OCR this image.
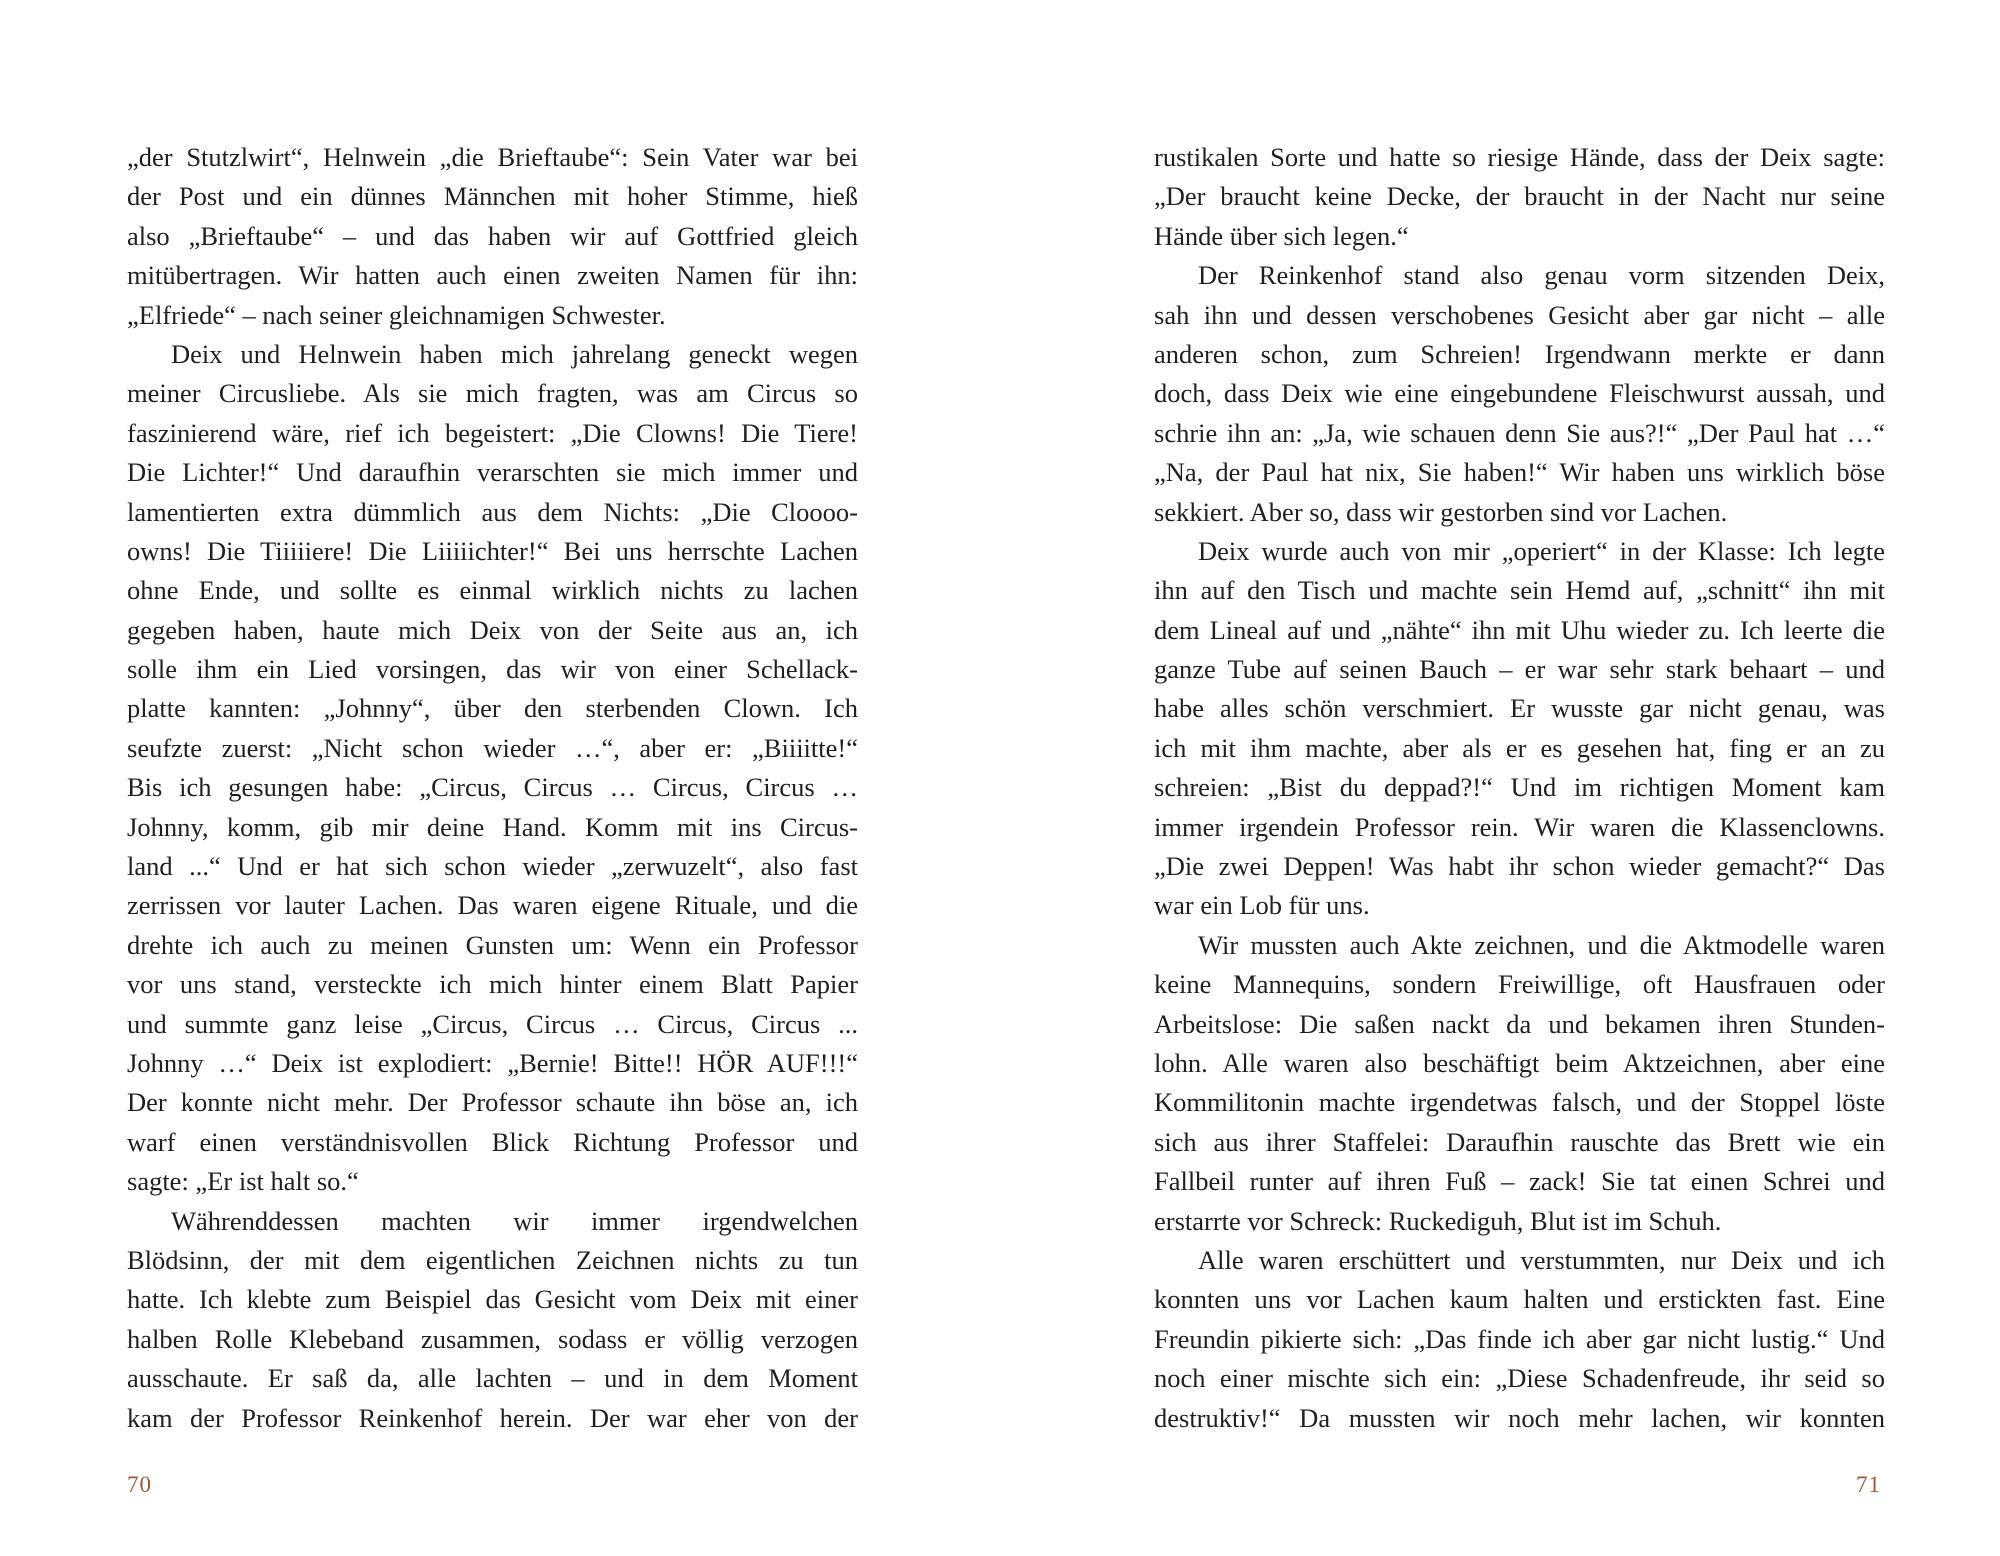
„der Stutzlwirt“, Helnwein „die Brieftaube“: Sein Vater war bei
der Post und ein dünnes Männchen mit hoher Stimme, hieß
also „Brieftaube“ – und das haben wir auf Gottfried gleich
mitübertragen. Wir hatten auch einen zweiten Namen für ihn:
„Elfriede“ – nach seiner gleichnamigen Schwester.
Deix und Helnwein haben mich jahrelang geneckt wegen
meiner Circusliebe. Als sie mich fragten, was am Circus so
faszinierend wäre, rief ich begeistert: „Die Clowns! Die Tiere!
Die Lichter!“ Und daraufhin verarschten sie mich immer und
lamentierten extra dümmlich aus dem Nichts: „Die Cloooo-
owns! Die Tiiiiiere! Die Liiiiichter!“ Bei uns herrschte Lachen
ohne Ende, und sollte es einmal wirklich nichts zu lachen
gegeben haben, haute mich Deix von der Seite aus an, ich
solle ihm ein Lied vorsingen, das wir von einer Schellack-
platte kannten: „Johnny“, über den sterbenden Clown. Ich
seufzte zuerst: „Nicht schon wieder …“, aber er: „Biiiitte!“
Bis ich gesungen habe: „Circus, Circus … Circus, Circus …
Johnny, komm, gib mir deine Hand. Komm mit ins Circus-
land ...“ Und er hat sich schon wieder „zerwuzelt“, also fast
zerrissen vor lauter Lachen. Das waren eigene Rituale, und die
drehte ich auch zu meinen Gunsten um: Wenn ein Professor
vor uns stand, versteckte ich mich hinter einem Blatt Papier
und summte ganz leise „Circus, Circus … Circus, Circus ...
Johnny …“ Deix ist explodiert: „Bernie! Bitte!! HÖR AUF!!!“
Der konnte nicht mehr. Der Professor schaute ihn böse an, ich
warf einen verständnisvollen Blick Richtung Professor und
sagte: „Er ist halt so.“
Währenddessen machten wir immer irgendwelchen
Blödsinn, der mit dem eigentlichen Zeichnen nichts zu tun
hatte. Ich klebte zum Beispiel das Gesicht vom Deix mit einer
halben Rolle Klebeband zusammen, sodass er völlig verzogen
ausschaute. Er saß da, alle lachten – und in dem Moment
kam der Professor Reinkenhof herein. Der war eher von der
70
rustikalen Sorte und hatte so riesige Hände, dass der Deix sagte:
„Der braucht keine Decke, der braucht in der Nacht nur seine
Hände über sich legen.“
Der Reinkenhof stand also genau vorm sitzenden Deix,
sah ihn und dessen verschobenes Gesicht aber gar nicht – alle
anderen schon, zum Schreien! Irgendwann merkte er dann
doch, dass Deix wie eine eingebundene Fleischwurst aussah, und
schrie ihn an: „Ja, wie schauen denn Sie aus?!“ „Der Paul hat …“
„Na, der Paul hat nix, Sie haben!“ Wir haben uns wirklich böse
sekkiert. Aber so, dass wir gestorben sind vor Lachen.
Deix wurde auch von mir „operiert“ in der Klasse: Ich legte
ihn auf den Tisch und machte sein Hemd auf, „schnitt“ ihn mit
dem Lineal auf und „nähte“ ihn mit Uhu wieder zu. Ich leerte die
ganze Tube auf seinen Bauch – er war sehr stark behaart – und
habe alles schön verschmiert. Er wusste gar nicht genau, was
ich mit ihm machte, aber als er es gesehen hat, fing er an zu
schreien: „Bist du deppad?!“ Und im richtigen Moment kam
immer irgendein Professor rein. Wir waren die Klassenclowns.
„Die zwei Deppen! Was habt ihr schon wieder gemacht?“ Das
war ein Lob für uns.
Wir mussten auch Akte zeichnen, und die Aktmodelle waren
keine Mannequins, sondern Freiwillige, oft Hausfrauen oder
Arbeitslose: Die saßen nackt da und bekamen ihren Stunden-
lohn. Alle waren also beschäftigt beim Aktzeichnen, aber eine
Kommilitonin machte irgendetwas falsch, und der Stoppel löste
sich aus ihrer Staffelei: Daraufhin rauschte das Brett wie ein
Fallbeil runter auf ihren Fuß – zack! Sie tat einen Schrei und
erstarrte vor Schreck: Ruckediguh, Blut ist im Schuh.
Alle waren erschüttert und verstummten, nur Deix und ich
konnten uns vor Lachen kaum halten und erstickten fast. Eine
Freundin pikierte sich: „Das finde ich aber gar nicht lustig.“ Und
noch einer mischte sich ein: „Diese Schadenfreude, ihr seid so
destruktiv!“ Da mussten wir noch mehr lachen, wir konnten
71
